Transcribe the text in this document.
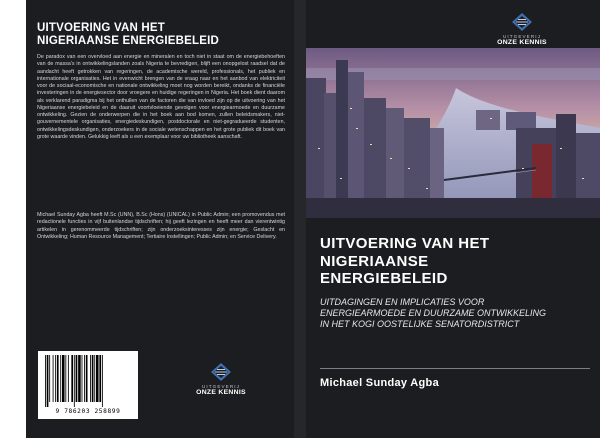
UITVOERING VAN HET
NIGERIAANSE ENERGIEBELEID

De paradox van een overvloed aan energie en mineralen en toch niet in staat om de energiebehoeften van de massa's in ontwikkelingslanden zoals Nigeria te bevredigen, blijft een onopgelost raadsel dat de aandacht heeft getrokken van regeringen, de academische wereld, professionals, het publiek en internationale organisaties. Het in evenwicht brengen van de vraag naar en het aanbod van elektriciteit voor de sociaal-economische en nationale ontwikkeling moet nog worden bereikt, ondanks de financiële investeringen in de energiesector door vroegere en huidige regeringen in Nigeria. Het boek dient daarom als verklarend paradigma bij het onthullen van de factoren die van invloed zijn op de uitvoering van het Nigeriaanse energiebeleid en de daaruit voortvloeiende gevolgen voor energiearmoede en duurzame ontwikkeling. Gezien de onderwerpen die in het boek aan bod komen, zullen beleidsmakers, niet-gouvernementele organisaties, energiedeskundigen, postdoctorale en niet-gegradueerde studenten, ontwikkelingsdeskundigen, onderzoekers in de sociale wetenschappen en het grote publiek dit boek van grote waarde vinden. Gelukkig leeft als u een exemplaar voor uw bibliotheek aanschaft.

Michael Sunday Agba heeft M.Sc (UNN), B.Sc (Hons) (UNICAL) in Public Admin; een promovendus met redactionele functies in vijf buitenlandse tijdschriften; hij geeft lezingen en heeft meer dan vierentwintig artikelen in gerenommeerde tijdschriften; zijn onderzoeksinteresses zijn energie; Geslacht en Ontwikkeling; Human Resource Management; Tertiaire Instellingen; Public Admin; en Service Delivery.

9 786203 258899
UITGEVERIJ
ONZE KENNIS
UITGEVERIJ
ONZE KENNIS
UITVOERING VAN HET
NIGERIAANSE
ENERGIEBELEID
UITDAGINGEN EN IMPLICATIES VOOR
ENERGIEARMOEDE EN DUURZAME ONTWIKKELING
IN HET KOGI OOSTELIJKE SENATORDISTRICT
Michael Sunday Agba
